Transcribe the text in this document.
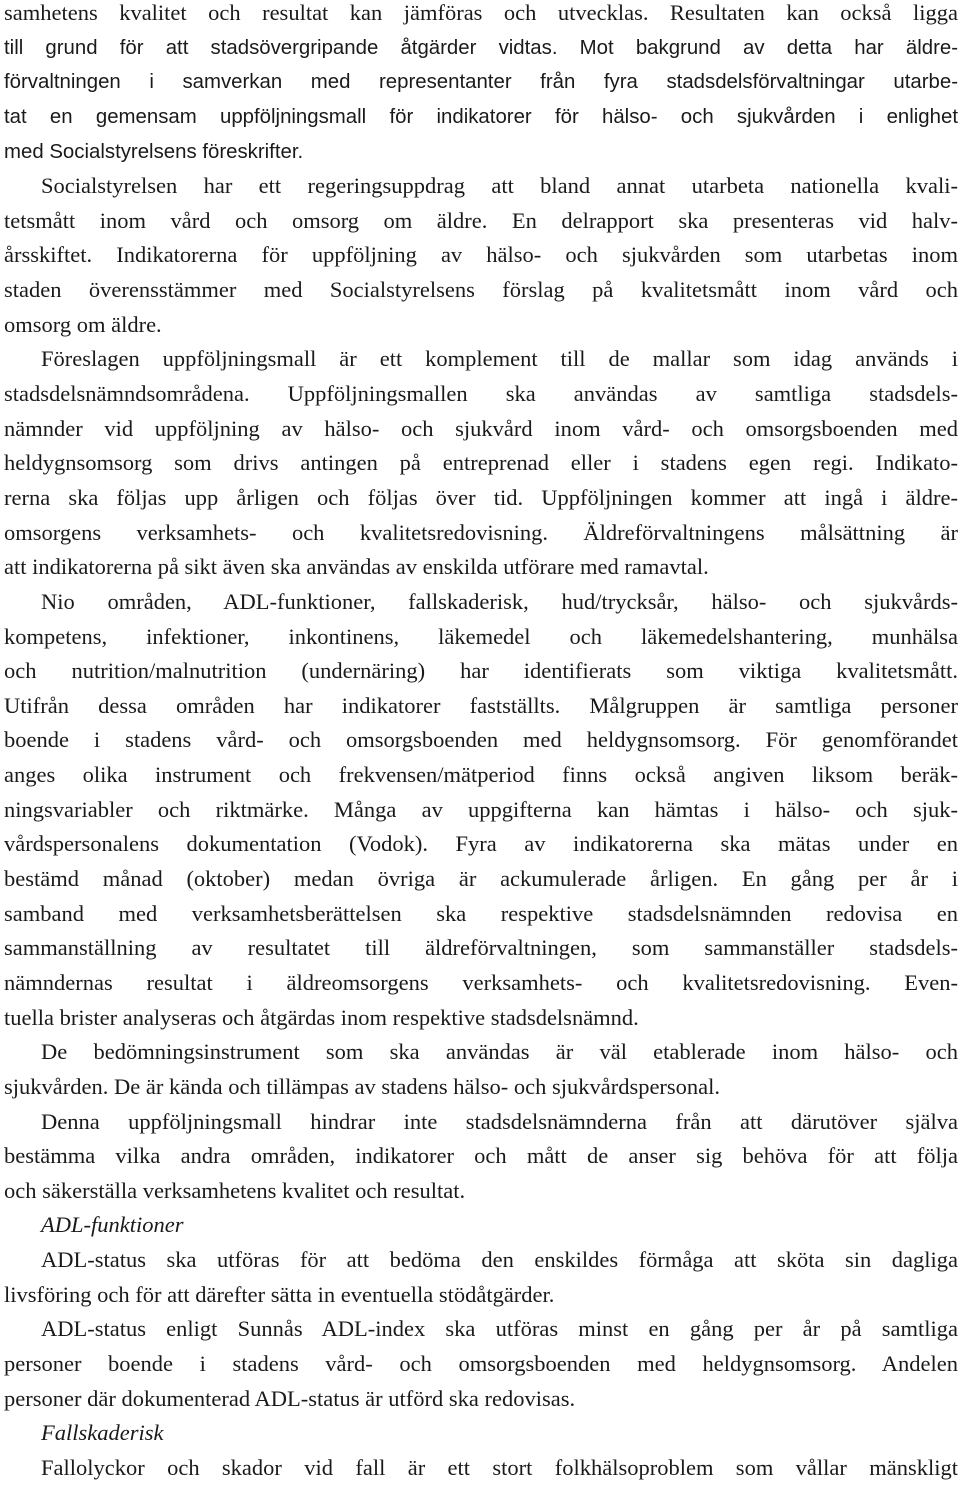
samhetens kvalitet och resultat kan jämföras och utvecklas. Resultaten kan också ligga
till grund för att stadsövergripande åtgärder vidtas. Mot bakgrund av detta har äldre-
förvaltningen i samverkan med representanter från fyra stadsdelsförvaltningar utarbe-
tat en gemensam uppföljningsmall för indikatorer för hälso- och sjukvården i enlighet
med Socialstyrelsens föreskrifter.
Socialstyrelsen har ett regeringsuppdrag att bland annat utarbeta nationella kvali-
tetsmått inom vård och omsorg om äldre. En delrapport ska presenteras vid halv-
årsskiftet. Indikatorerna för uppföljning av hälso- och sjukvården som utarbetas inom
staden överensstämmer med Socialstyrelsens förslag på kvalitetsmått inom vård och
omsorg om äldre.
Föreslagen uppföljningsmall är ett komplement till de mallar som idag används i
stadsdelsnämndsområdena. Uppföljningsmallen ska användas av samtliga stadsdels-
nämnder vid uppföljning av hälso- och sjukvård inom vård- och omsorgsboenden med
heldygnsomsorg som drivs antingen på entreprenad eller i stadens egen regi. Indikato-
rerna ska följas upp årligen och följas över tid. Uppföljningen kommer att ingå i äldre-
omsorgens verksamhets- och kvalitetsredovisning. Äldreförvaltningens målsättning är
att indikatorerna på sikt även ska användas av enskilda utförare med ramavtal.
Nio områden, ADL-funktioner, fallskaderisk, hud/trycksår, hälso- och sjukvårds-
kompetens, infektioner, inkontinens, läkemedel och läkemedelshantering, munhälsa
och nutrition/malnutrition (undernäring) har identifierats som viktiga kvalitetsmått.
Utifrån dessa områden har indikatorer fastställts. Målgruppen är samtliga personer
boende i stadens vård- och omsorgsboenden med heldygnsomsorg. För genomförandet
anges olika instrument och frekvensen/mätperiod finns också angiven liksom beräk-
ningsvariabler och riktmärke. Många av uppgifterna kan hämtas i hälso- och sjuk-
vårdspersonalens dokumentation (Vodok). Fyra av indikatorerna ska mätas under en
bestämd månad (oktober) medan övriga är ackumulerade årligen. En gång per år i
samband med verksamhetsberättelsen ska respektive stadsdelsnämnden redovisa en
sammanställning av resultatet till äldreförvaltningen, som sammanställer stadsdels-
nämndernas resultat i äldreomsorgens verksamhets- och kvalitetsredovisning. Even-
tuella brister analyseras och åtgärdas inom respektive stadsdelsnämnd.
De bedömningsinstrument som ska användas är väl etablerade inom hälso- och
sjukvården. De är kända och tillämpas av stadens hälso- och sjukvårdspersonal.
Denna uppföljningsmall hindrar inte stadsdelsnämnderna från att därutöver själva
bestämma vilka andra områden, indikatorer och mått de anser sig behöva för att följa
och säkerställa verksamhetens kvalitet och resultat.
ADL-funktioner
ADL-status ska utföras för att bedöma den enskildes förmåga att sköta sin dagliga
livsföring och för att därefter sätta in eventuella stödåtgärder.
ADL-status enligt Sunnås ADL-index ska utföras minst en gång per år på samtliga
personer boende i stadens vård- och omsorgsboenden med heldygnsomsorg. Andelen
personer där dokumenterad ADL-status är utförd ska redovisas.
Fallskaderisk
Fallolyckor och skador vid fall är ett stort folkhälsoproblem som vållar mänskligt
